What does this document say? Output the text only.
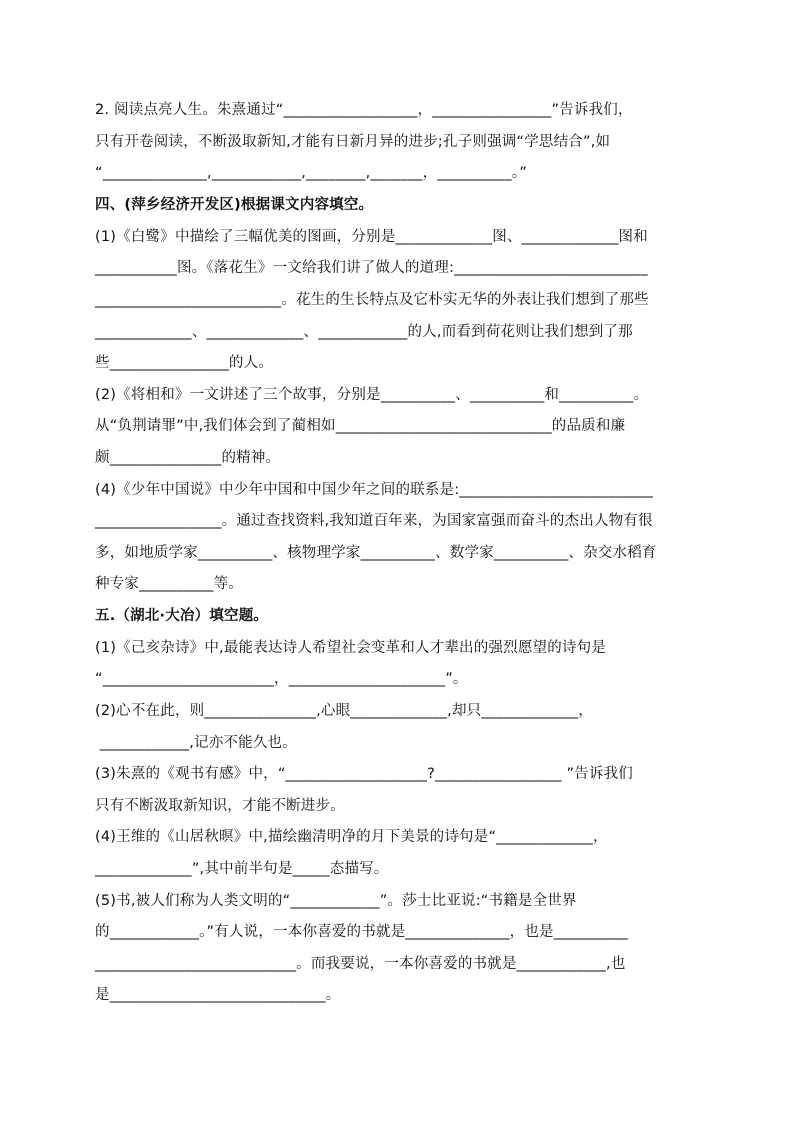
2. 阅读点亮人生。朱熹通过“__________________，________________”告诉我们，
只有开卷阅读，不断汲取新知,才能有日新月异的进步;孔子则强调“学思结合”,如
“______________,____________,________,_______，__________。”
四、(萍乡经济开发区)根据课文内容填空。
(1)《白鹭》中描绘了三幅优美的图画，分别是_____________图、_____________图和
___________图。《落花生》一文给我们讲了做人的道理:__________________________
_________________________。花生的生长特点及它朴实无华的外表让我们想到了那些
_____________、_____________、____________的人,而看到荷花则让我们想到了那
些________________的人。
(2)《将相和》一文讲述了三个故事，分别是__________、__________和__________。
从“负荆请罪”中,我们体会到了蔺相如_____________________________的品质和廉
颇_______________的精神。
(4)《少年中国说》中少年中国和中国少年之间的联系是:__________________________
_________________。通过查找资料,我知道百年来，为国家富强而奋斗的杰出人物有很
多，如地质学家__________、核物理学家__________、数学家__________、杂交水稻育
种专家__________等。
五.（湖北·大冶）填空题。
(1)《己亥杂诗》中,最能表达诗人希望社会变革和人才辈出的强烈愿望的诗句是
“_______________________，_____________________”。
(2)心不在此，则_______________,心眼_____________,却只_____________，
____________,记亦不能久也。
(3)朱熹的《观书有感》中，“___________________?_________________ ”告诉我们
只有不断汲取新知识，才能不断进步。
(4)王维的《山居秋暝》中,描绘幽清明净的月下美景的诗句是“_____________，
_____________”,其中前半句是_____态描写。
(5)书,被人们称为人类文明的“____________”。莎士比亚说:“书籍是全世界
的____________。”有人说，一本你喜爱的书就是______________，也是__________
___________________________。而我要说，一本你喜爱的书就是____________,也
是_____________________________。
